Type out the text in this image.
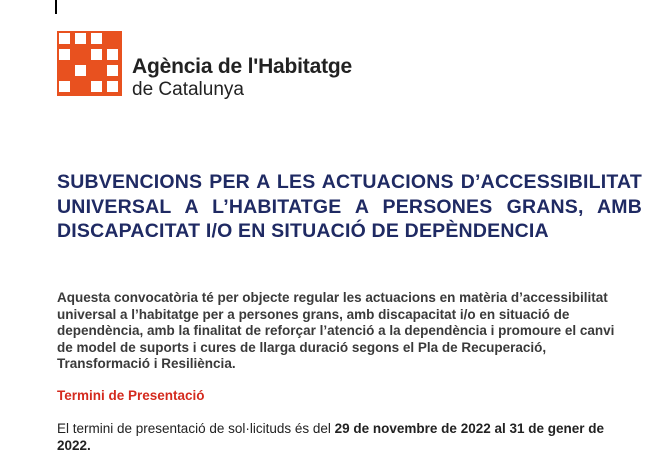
Agència de l'Habitatge
de Catalunya
SUBVENCIONS PER A LES ACTUACIONS D’ACCESSIBILITAT UNIVERSAL A L’HABITATGE A PERSONES GRANS, AMB DISCAPACITAT I/O EN SITUACIÓ DE DEPÈNDENCIA

Aquesta convocatòria té per objecte regular les actuacions en matèria d’accessibilitat universal a l’habitatge per a persones grans, amb discapacitat i/o en situació de dependència, amb la finalitat de reforçar l’atenció a la dependència i promoure el canvi de model de suports i cures de llarga duració segons el Pla de Recuperació, Transformació i Resiliència.

Termini de Presentació

El termini de presentació de sol·licituds és del 29 de novembre de 2022 al 31 de gener de 2022.
